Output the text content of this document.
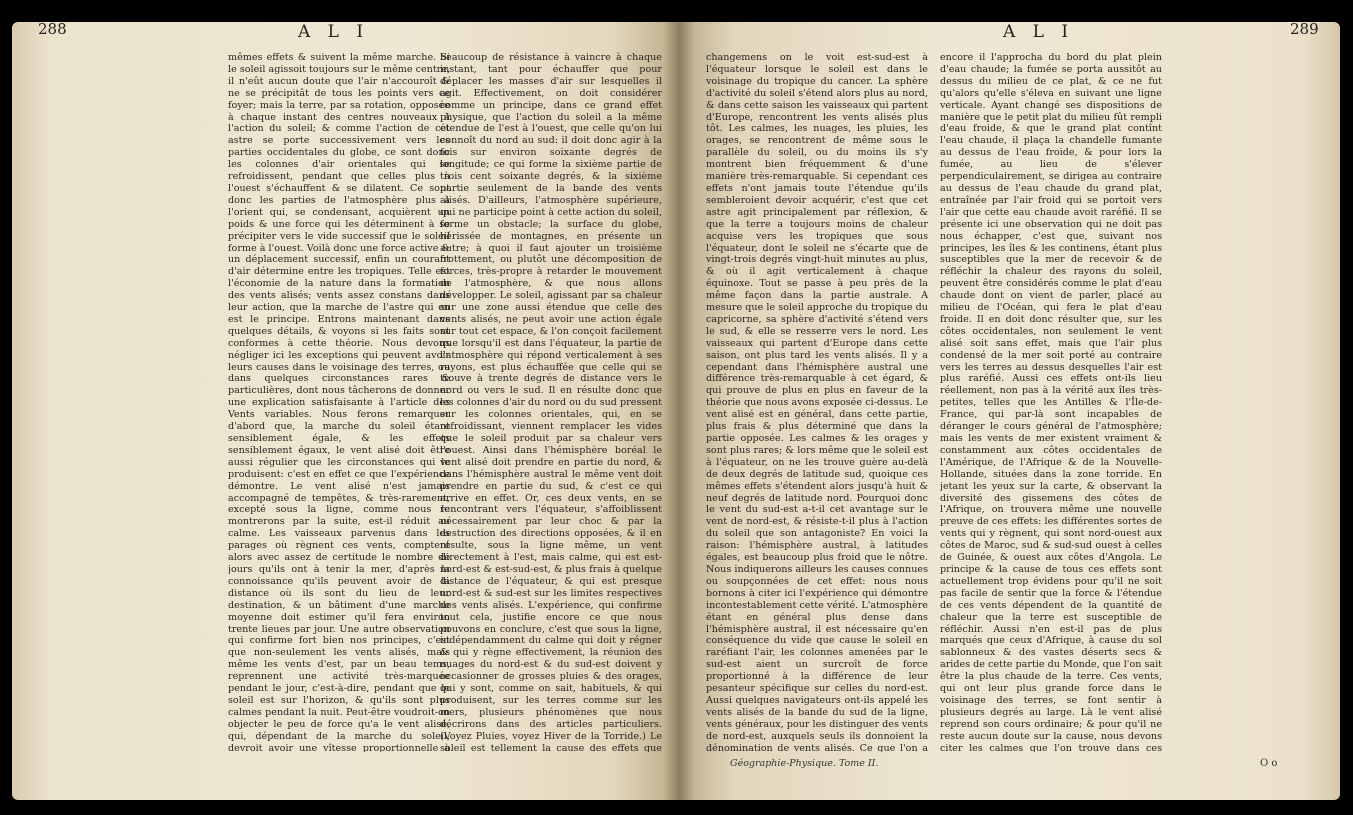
288	A L I
mêmes effets & suivent la même marche. Si le soleil agissoit toujours sur le même centre, il n'eût aucun doute que l'air n'accouroît & ne se précipitât de tous les points vers ce foyer; mais la terre, par sa rotation, opposée à chaque instant des centres nouveaux à l'action du soleil; & comme l'action de cet astre se porte successivement vers les parties occidentales du globe, ce sont donc les colonnes d'air orientales qui se refroidissent, pendant que celles plus à l'ouest s'échauffent & se dilatent. Ce sont donc les parties de l'atmosphère plus à l'orient qui, se condensant, acquièrent un poids & une force qui les déterminent à se précipiter vers le vide successif que le soleil forme à l'ouest. Voilà donc une force active & un déplacement successif, enfin un courant d'air détermine entre les tropiques. Telle est l'économie de la nature dans la formation des vents alisés; vents assez constans dans leur action, que la marche de l'astre qui en est le principe. Entrons maintenant dans quelques détails, & voyons si les faits sont conformes à cette théorie. Nous devons négliger ici les exceptions qui peuvent avoir leurs causes dans le voisinage des terres, ou dans quelques circonstances rares & particulières, dont nous tâcherons de donner une explication satisfaisante à l'article des Vents variables. Nous ferons remarquer d'abord que, la marche du soleil étant sensiblement égale, & les effets sensiblement égaux, le vent alisé doit être aussi régulier que les circonstances qui le produisent: c'est en effet ce que l'expérience démontre. Le vent alisé n'est jamais accompagné de tempêtes, & très-rarement, excepté sous la ligne, comme nous le montrerons par la suite, est-il réduit au calme. Les vaisseaux parvenus dans les parages où règnent ces vents, comptent alors avec assez de certitude le nombre de jours qu'ils ont à tenir la mer, d'après la connoissance qu'ils peuvent avoir de la distance où ils sont du lieu de leur destination, & un bâtiment d'une marche moyenne doit estimer qu'il fera environ trente lieues par jour. Une autre observation qui confirme fort bien nos principes, c'est que non-seulement les vents alisés, mais même les vents d'est, par un beau tems, reprennent une activité très-marquée pendant le jour, c'est-à-dire, pendant que le soleil est sur l'horizon, & qu'ils sont plus calmes pendant la nuit. Peut-être voudroit-on objecter le peu de force qu'a le vent alisé, qui, dépendant de la marche du soleil, devroit avoir une vîtesse proportionnelle à
beaucoup de résistance à vaincre à chaque instant, tant pour échauffer que pour déplacer les masses d'air sur lesquelles il agit. Effectivement, on doit considérer comme un principe, dans ce grand effet physique, que l'action du soleil a la même étendue de l'est à l'ouest, que celle qu'on lui connoît du nord au sud: il doit donc agir à la fois sur environ soixante degrés de longitude; ce qui forme la sixième partie de trois cent soixante degrés, & la sixième partie seulement de la bande des vents alisés. D'ailleurs, l'atmosphère supérieure, qui ne participe point à cette action du soleil, forme un obstacle; la surface du globe, hérissée de montagnes, en présente un autre; à quoi il faut ajouter un troisième frottement, ou plutôt une décomposition de forces, très-propre à retarder le mouvement de l'atmosphère, & que nous allons développer. Le soleil, agissant par sa chaleur sur une zone aussi étendue que celle des vents alisés, ne peut avoir une action égale sur tout cet espace, & l'on conçoit facilement que lorsqu'il est dans l'équateur, la partie de l'atmosphère qui répond verticalement à ses rayons, est plus échauffée que celle qui se trouve à trente degrés de distance vers le nord ou vers le sud. Il en résulte donc que les colonnes d'air du nord ou du sud pressent sur les colonnes orientales, qui, en se refroidissant, viennent remplacer les vides que le soleil produit par sa chaleur vers l'ouest. Ainsi dans l'hémisphère boréal le vent alisé doit prendre en partie du nord, & dans l'hémisphère austral le même vent doit prendre en partie du sud, & c'est ce qui arrive en effet. Or, ces deux vents, en se rencontrant vers l'équateur, s'affoiblissent nécessairement par leur choc & par la destruction des directions opposées, & il en résulte, sous la ligne même, un vent directement à l'est, mais calme, qui est est-nord-est & est-sud-est, & plus frais à quelque distance de l'équateur, & qui est presque nord-est & sud-est sur les limites respectives des vents alisés. L'expérience, qui confirme tout cela, justifie encore ce que nous pouvons en conclure, c'est que sous la ligne, indépendamment du calme qui doit y régner & qui y règne effectivement, la réunion des nuages du nord-est & du sud-est doivent y occasionner de grosses pluies & des orages, qui y sont, comme on sait, habituels, & qui produisent, sur les terres comme sur les mers, plusieurs phénomènes que nous décrirons dans des articles particuliers. (Voyez Pluies, voyez Hiver de la Torride.) Le soleil est tellement la cause des effets que
A L I	289
changemens on le voit est-sud-est à l'équateur lorsque le soleil est dans le voisinage du tropique du cancer. La sphère d'activité du soleil s'étend alors plus au nord, & dans cette saison les vaisseaux qui partent d'Europe, rencontrent les vents alisés plus tôt. Les calmes, les nuages, les pluies, les orages, se rencontrent de même sous le parallèle du soleil, ou du moins ils s'y montrent bien fréquemment & d'une manière très-remarquable. Si cependant ces effets n'ont jamais toute l'étendue qu'ils sembleroient devoir acquérir, c'est que cet astre agit principalement par réflexion, & que la terre a toujours moins de chaleur acquise vers les tropiques que sous l'équateur, dont le soleil ne s'écarte que de vingt-trois degrés vingt-huit minutes au plus, & où il agit verticalement à chaque équinoxe. Tout se passe à peu près de la même façon dans la partie australe. A mesure que le soleil approche du tropique du capricorne, sa sphère d'activité s'étend vers le sud, & elle se resserre vers le nord. Les vaisseaux qui partent d'Europe dans cette saison, ont plus tard les vents alisés. Il y a cependant dans l'hémisphère austral une différence très-remarquable à cet égard, & qui prouve de plus en plus en faveur de la théorie que nous avons exposée ci-dessus. Le vent alisé est en général, dans cette partie, plus frais & plus déterminé que dans la partie opposée. Les calmes & les orages y sont plus rares; & lors même que le soleil est à l'équateur, on ne les trouve guère au-delà de deux degrés de latitude sud, quoique ces mêmes effets s'étendent alors jusqu'à huit & neuf degrés de latitude nord. Pourquoi donc le vent du sud-est a-t-il cet avantage sur le vent de nord-est, & résiste-t-il plus à l'action du soleil que son antagoniste? En voici la raison: l'hémisphère austral, à latitudes égales, est beaucoup plus froid que le nôtre. Nous indiquerons ailleurs les causes connues ou soupçonnées de cet effet: nous nous bornons à citer ici l'expérience qui démontre incontestablement cette vérité. L'atmosphère étant en général plus dense dans l'hémisphère austral, il est nécessaire qu'en conséquence du vide que cause le soleil en raréfiant l'air, les colonnes amenées par le sud-est aient un surcroît de force proportionné à la différence de leur pesanteur spécifique sur celles du nord-est. Aussi quelques navigateurs ont-ils appelé les vents alisés de la bande du sud de la ligne, vents généraux, pour les distinguer des vents de nord-est, auxquels seuls ils donnoient la dénomination de vents alisés. Ce que l'on a
encore il l'approcha du bord du plat plein d'eau chaude; la fumée se porta aussitôt au dessus du milieu de ce plat, & ce ne fut qu'alors qu'elle s'éleva en suivant une ligne verticale. Ayant changé ses dispositions de manière que le petit plat du milieu fût rempli d'eau froide, & que le grand plat contînt l'eau chaude, il plaça la chandelle fumante au dessus de l'eau froide, & pour lors la fumée, au lieu de s'élever perpendiculairement, se dirigea au contraire au dessus de l'eau chaude du grand plat, entraînée par l'air froid qui se portoit vers l'air que cette eau chaude avoit raréfié. Il se présente ici une observation qui ne doit pas nous échapper, c'est que, suivant nos principes, les îles & les continens, étant plus susceptibles que la mer de recevoir & de réfléchir la chaleur des rayons du soleil, peuvent être considérés comme le plat d'eau chaude dont on vient de parler, placé au milieu de l'Océan, qui fera le plat d'eau froide. Il en doit donc résulter que, sur les côtes occidentales, non seulement le vent alisé soit sans effet, mais que l'air plus condensé de la mer soit porté au contraire vers les terres au dessus desquelles l'air est plus raréfié. Aussi ces effets ont-ils lieu réellement, non pas à la vérité aux îles très-petites, telles que les Antilles & l'Île-de-France, qui par-là sont incapables de déranger le cours général de l'atmosphère; mais les vents de mer existent vraiment & constamment aux côtes occidentales de l'Amérique, de l'Afrique & de la Nouvelle-Hollande, situées dans la zone torride. En jetant les yeux sur la carte, & observant la diversité des gissemens des côtes de l'Afrique, on trouvera même une nouvelle preuve de ces effets: les différentes sortes de vents qui y règnent, qui sont nord-ouest aux côtes de Maroc, sud & sud-sud ouest à celles de Guinée, & ouest aux côtes d'Angola. Le principe & la cause de tous ces effets sont actuellement trop évidens pour qu'il ne soit pas facile de sentir que la force & l'étendue de ces vents dépendent de la quantité de chaleur que la terre est susceptible de réfléchir. Aussi n'en est-il pas de plus marqués que ceux d'Afrique, à cause du sol sablonneux & des vastes déserts secs & arides de cette partie du Monde, que l'on sait être la plus chaude de la terre. Ces vents, qui ont leur plus grande force dans le voisinage des terres, se font sentir à plusieurs degrés au large. Là le vent alisé reprend son cours ordinaire; & pour qu'il ne reste aucun doute sur la cause, nous devons citer les calmes que l'on trouve dans ces
Géographie-Physique. Tome II.	O o
